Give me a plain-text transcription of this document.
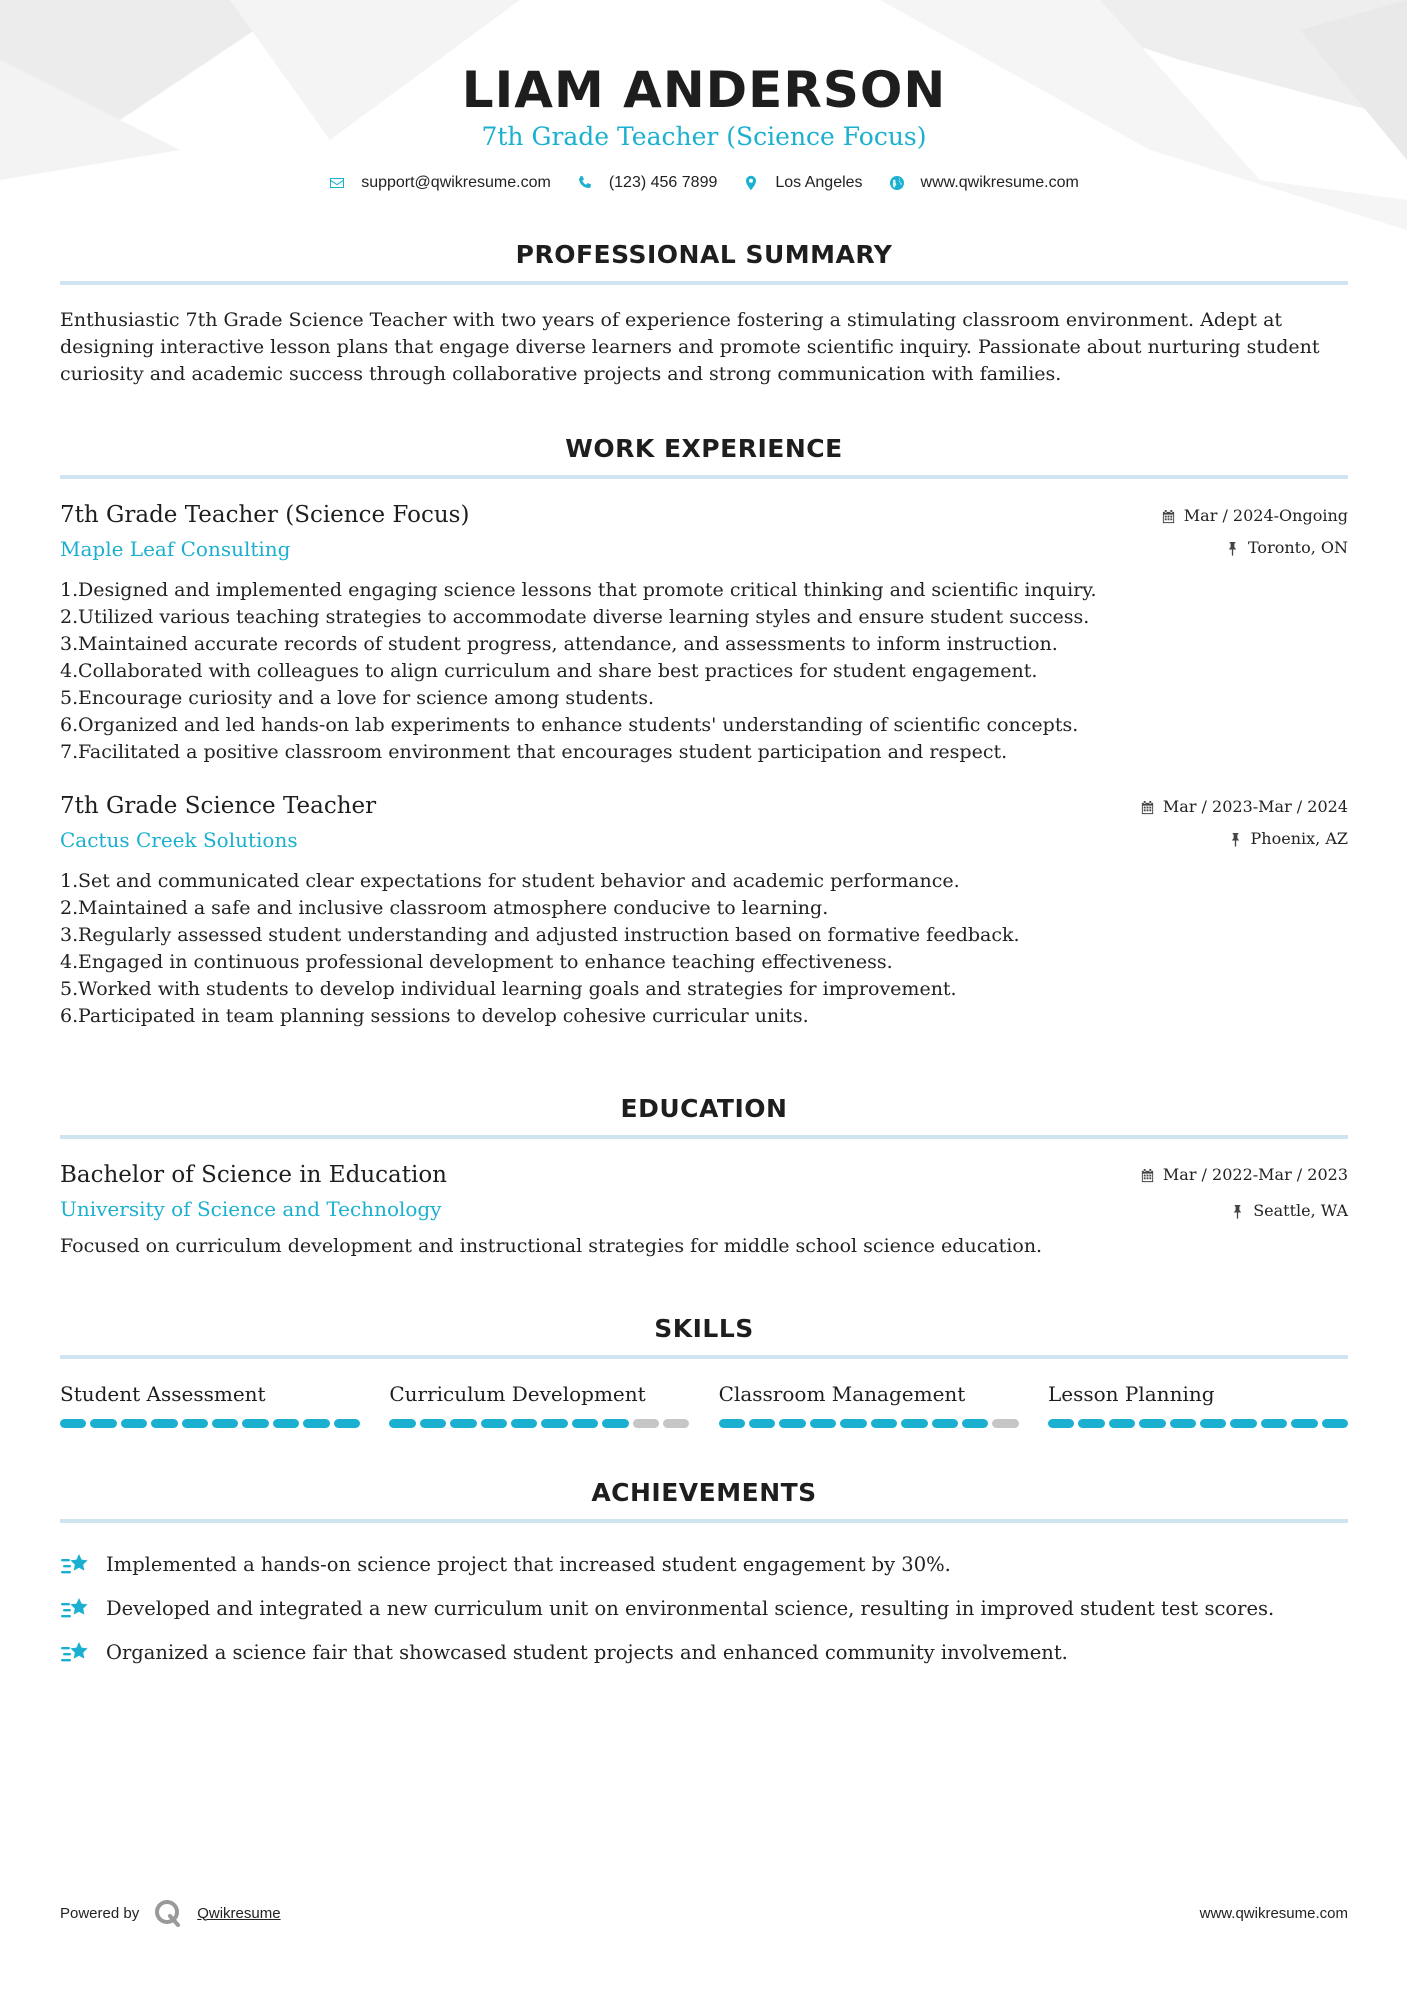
LIAM ANDERSON
7th Grade Teacher (Science Focus)
support@qwikresume.com	(123) 456 7899	Los Angeles	www.qwikresume.com
PROFESSIONAL SUMMARY

Enthusiastic 7th Grade Science Teacher with two years of experience fostering a stimulating classroom environment. Adept at designing interactive lesson plans that engage diverse learners and promote scientific inquiry. Passionate about nurturing student curiosity and academic success through collaborative projects and strong communication with families.

WORK EXPERIENCE
7th Grade Teacher (Science Focus)
Maple Leaf Consulting
Mar / 2024-Ongoing
Toronto, ON
1. Designed and implemented engaging science lessons that promote critical thinking and scientific inquiry.
2. Utilized various teaching strategies to accommodate diverse learning styles and ensure student success.
3. Maintained accurate records of student progress, attendance, and assessments to inform instruction.
4. Collaborated with colleagues to align curriculum and share best practices for student engagement.
5. Encourage curiosity and a love for science among students.
6. Organized and led hands-on lab experiments to enhance students' understanding of scientific concepts.
7. Facilitated a positive classroom environment that encourages student participation and respect.
7th Grade Science Teacher
Cactus Creek Solutions
Mar / 2023-Mar / 2024
Phoenix, AZ
1. Set and communicated clear expectations for student behavior and academic performance.
2. Maintained a safe and inclusive classroom atmosphere conducive to learning.
3. Regularly assessed student understanding and adjusted instruction based on formative feedback.
4. Engaged in continuous professional development to enhance teaching effectiveness.
5. Worked with students to develop individual learning goals and strategies for improvement.
6. Participated in team planning sessions to develop cohesive curricular units.
EDUCATION
Bachelor of Science in Education
University of Science and Technology
Mar / 2022-Mar / 2023
Seattle, WA

Focused on curriculum development and instructional strategies for middle school science education.

SKILLS
Student Assessment	Curriculum Development	Classroom Management	Lesson Planning
ACHIEVEMENTS
Implemented a hands-on science project that increased student engagement by 30%.
Developed and integrated a new curriculum unit on environmental science, resulting in improved student test scores.
Organized a science fair that showcased student projects and enhanced community involvement.
Powered by	Qwikresume	www.qwikresume.com
